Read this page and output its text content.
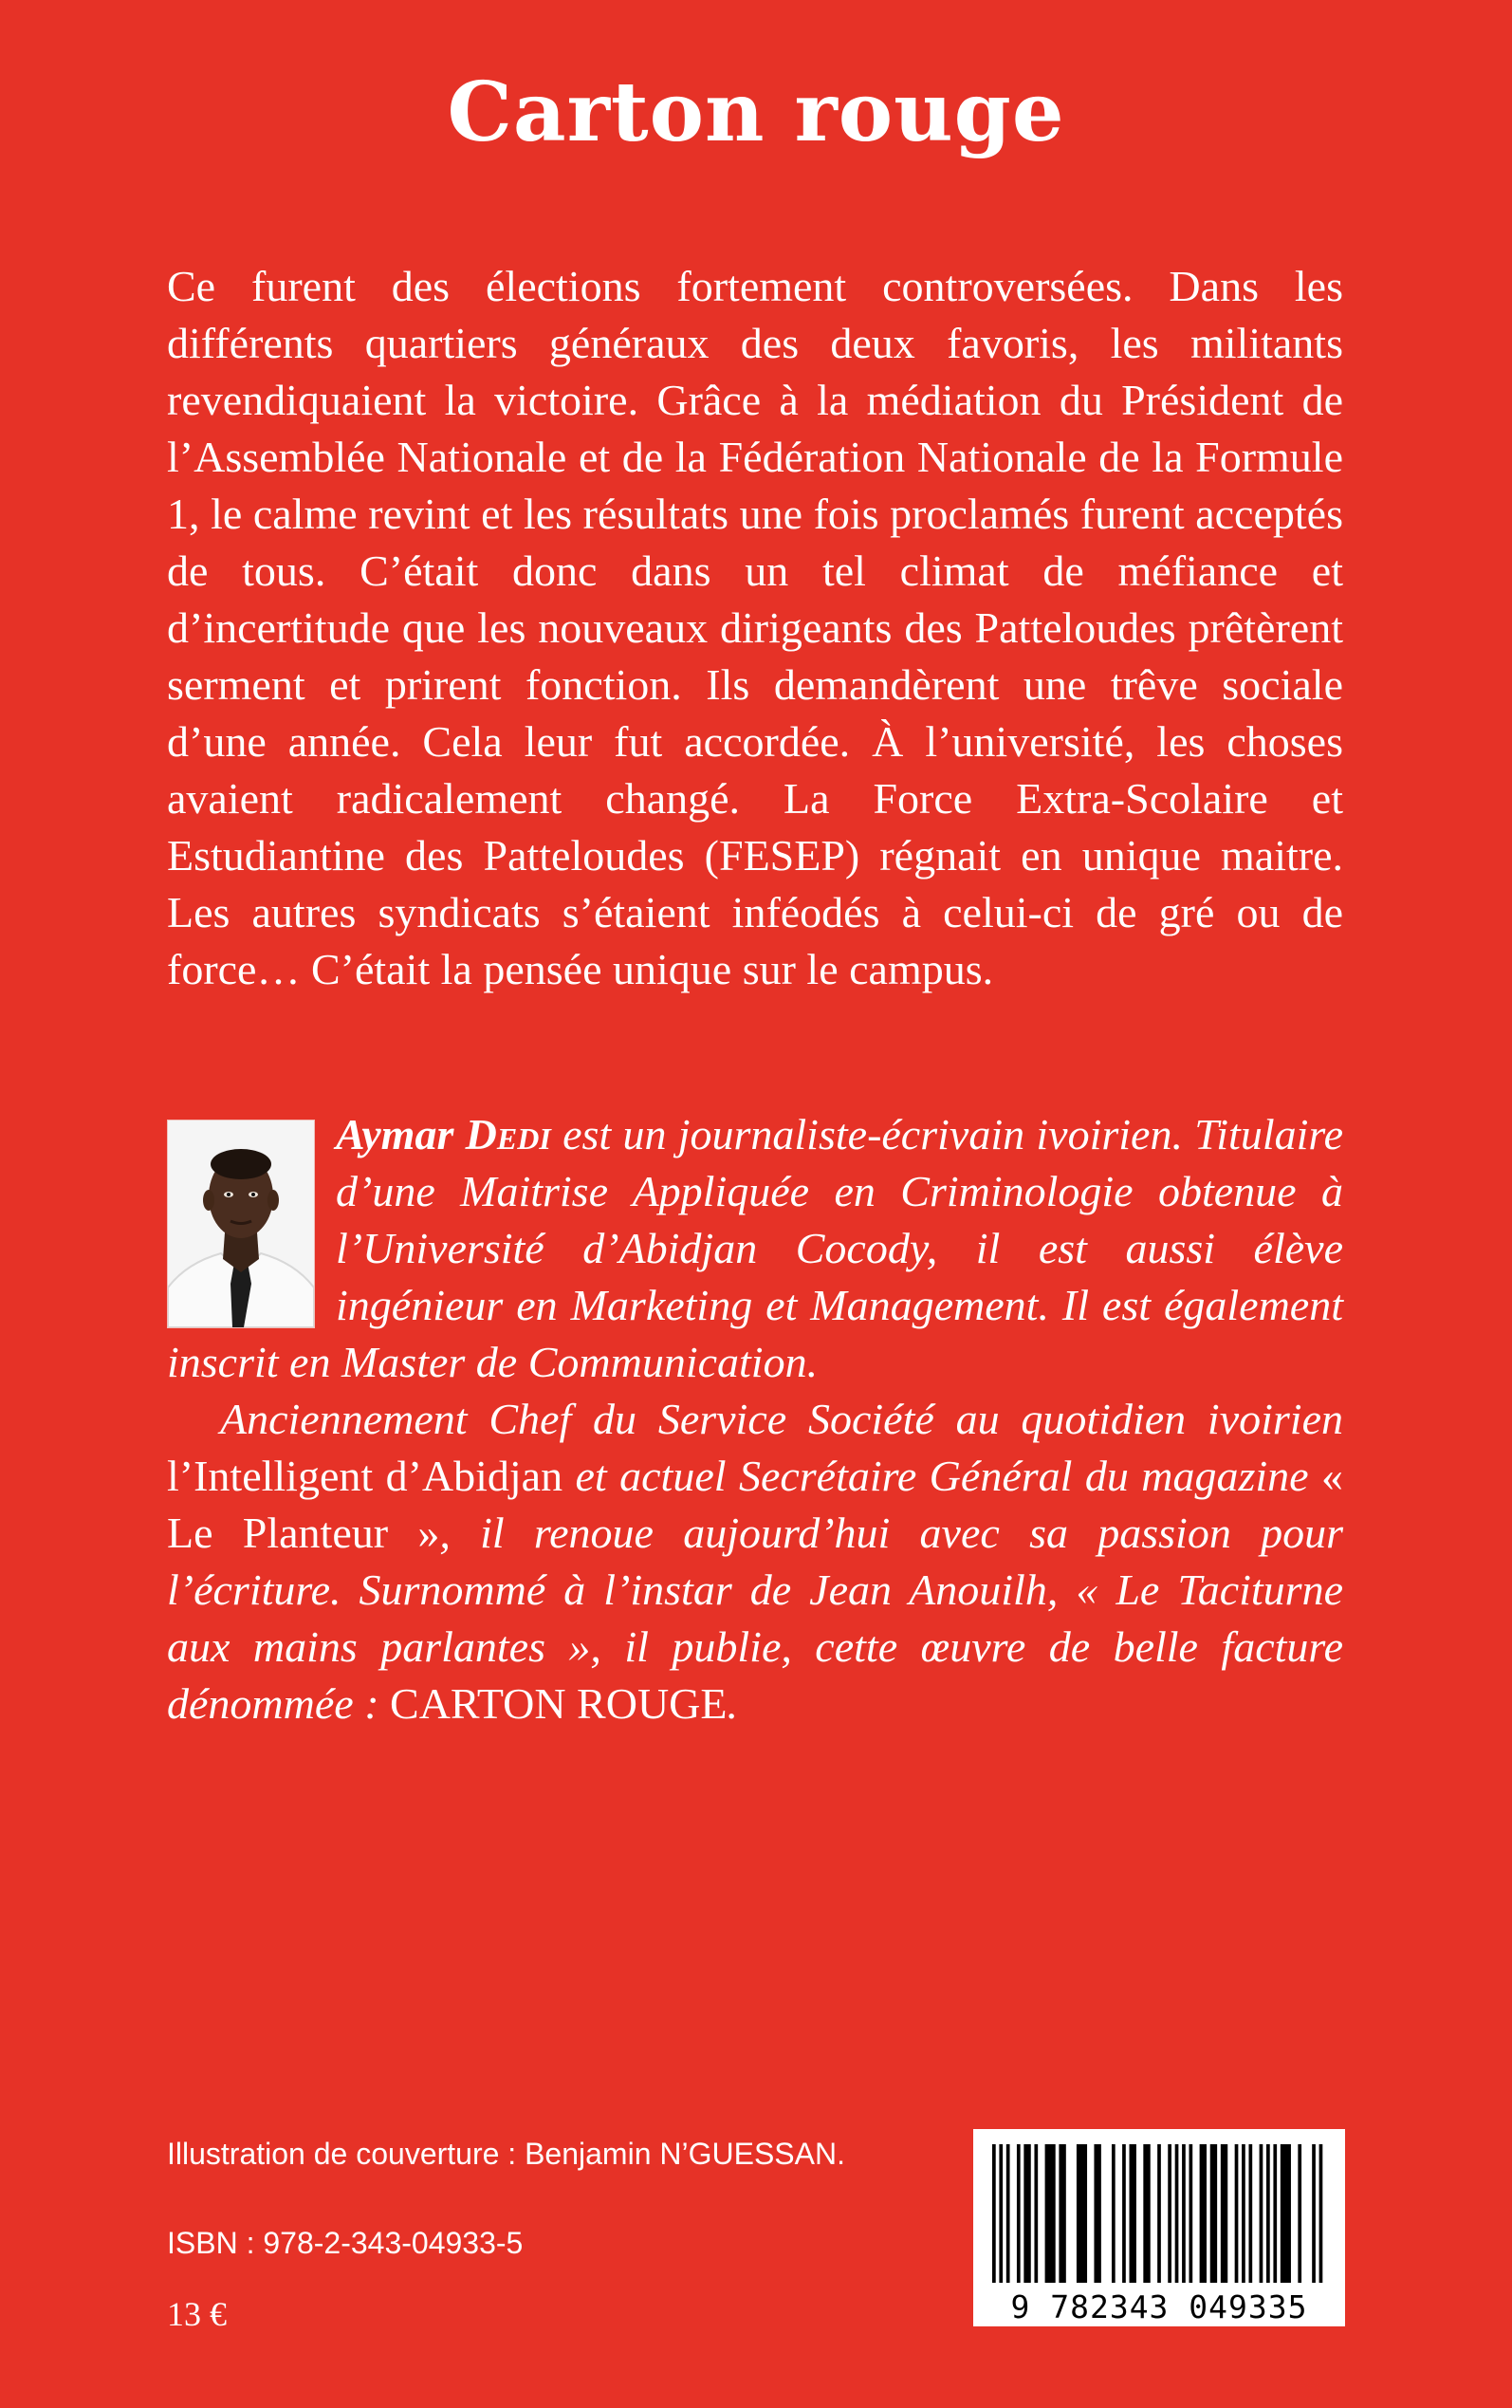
Carton rouge

Ce furent des élections fortement controversées. Dans les différents quartiers généraux des deux favoris, les militants revendiquaient la victoire. Grâce à la médiation du Président de l’Assemblée Nationale et de la Fédération Nationale de la Formule 1, le calme revint et les résultats une fois proclamés furent acceptés de tous. C’était donc dans un tel climat de méfiance et d’incertitude que les nouveaux dirigeants des Patteloudes prêtèrent serment et prirent fonction. Ils demandèrent une trêve sociale d’une année. Cela leur fut accordée. À l’université, les choses avaient radicalement changé. La Force Extra-Scolaire et Estudiantine des Patteloudes (FESEP) régnait en unique maitre. Les autres syndicats s’étaient inféodés à celui-ci de gré ou de force… C’était la pensée unique sur le campus.

Aymar Dedi est un journaliste-écrivain ivoirien. Titulaire d’une Maitrise Appliquée en Criminologie obtenue à l’Université d’Abidjan Cocody, il est aussi élève ingénieur en Marketing et Management. Il est également inscrit en Master de Communication.

Anciennement Chef du Service Société au quotidien ivoirien l’Intelligent d’Abidjan et actuel Secrétaire Général du magazine « Le Planteur », il renoue aujourd’hui avec sa passion pour l’écriture. Surnommé à l’instar de Jean Anouilh, « Le Taciturne aux mains parlantes », il publie, cette œuvre de belle facture dénommée : CARTON ROUGE.

Illustration de couverture : Benjamin N’GUESSAN.

ISBN : 978-2-343-04933-5

13 €	9 782343 049335
